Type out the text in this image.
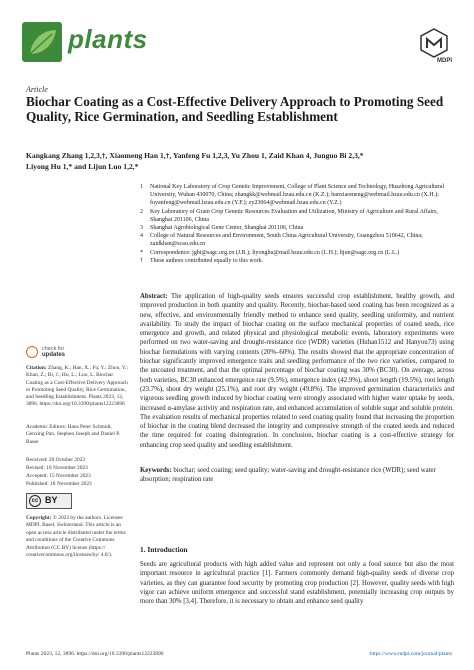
plants
MDPI
Article
Biochar Coating as a Cost-Effective Delivery Approach to Promoting Seed Quality, Rice Germination, and Seedling Establishment
Kangkang Zhang 1,2,3,†, Xiaomeng Han 1,†, Yanfeng Fu 1,2,3, Yu Zhou 1, Zaid Khan 4, Junguo Bi 2,3,*
Liyong Hu 1,* and Lijun Luo 1,2,*
1 National Key Laboratory of Crop Genetic Improvement, College of Plant Science and Technology, Huazhong Agricultural University, Wuhan 430070, China; zhangkk@webmail.hzau.edu.cn (K.Z.); hanxiaomeng@webmail.hzau.edu.cn (X.H.); fuyanfeng@webmail.hzau.edu.cn (Y.F.); zy23064@webmail.hzau.edu.cn (Y.Z.)
2 Key Laboratory of Grain Crop Genetic Resources Evaluation and Utilization, Ministry of Agriculture and Rural Affairs, Shanghai 201106, China
3 Shanghai Agrobiological Gene Center, Shanghai 201106, China
4 College of Natural Resources and Environment, South China Agricultural University, Guangzhou 510642, China; zaidkhan@scau.edu.cn
* Correspondence: jgbi@sagc.org.cn (J.B.); liyonghu@mail.hzau.edu.cn (L.H.); lijun@sagc.org.cn (L.L.)
† These authors contributed equally to this work.
check for
updates
Citation: Zhang, K.; Han, X.; Fu, Y.; Zhou, Y.; Khan, Z.; Bi, J.; Hu, L.; Luo, L. Biochar Coating as a Cost-Effective Delivery Approach to Promoting Seed Quality, Rice Germination, and Seedling Establishment. Plants 2023, 12, 3896. https://doi.org/10.3390/plants12223896
Academic Editors: Hans Peter Schmidt, Genxing Pan, Stephen Joseph and Daniel P. Rasse
Received: 20 October 2023
Revised: 10 November 2023
Accepted: 15 November 2023
Published: 18 November 2023
cc BY
Copyright: © 2023 by the authors. Licensee MDPI, Basel, Switzerland. This article is an open access article distributed under the terms and conditions of the Creative Commons Attribution (CC BY) license (https:// creativecommons.org/licenses/by/ 4.0/).
Abstract: The application of high-quality seeds ensures successful crop establishment, healthy growth, and improved production in both quantity and quality. Recently, biochar-based seed coating has been recognized as a new, effective, and environmentally friendly method to enhance seed quality, seedling uniformity, and nutrient availability. To study the impact of biochar coating on the surface mechanical properties of coated seeds, rice emergence and growth, and related physical and physiological metabolic events, laboratory experiments were performed on two water-saving and drought-resistance rice (WDR) varieties (Huhan1512 and Hanyou73) using biochar formulations with varying contents (20%–60%). The results showed that the appropriate concentration of biochar significantly improved emergence traits and seedling performance of the two rice varieties, compared to the uncoated treatment, and that the optimal percentage of biochar coating was 30% (BC30). On average, across both varieties, BC30 enhanced emergence rate (9.5%), emergence index (42.9%), shoot length (19.5%), root length (23.7%), shoot dry weight (25.1%), and root dry weight (49.8%). The improved germination characteristics and vigorous seedling growth induced by biochar coating were strongly associated with higher water uptake by seeds, increased α-amylase activity and respiration rate, and enhanced accumulation of soluble sugar and soluble protein. The evaluation results of mechanical properties related to seed coating quality found that increasing the proportion of biochar in the coating blend decreased the integrity and compressive strength of the coated seeds and reduced the time required for coating disintegration. In conclusion, biochar coating is a cost-effective strategy for enhancing crop seed quality and seedling establishment.
Keywords: biochar; seed coating; seed quality; water-saving and drought-resistance rice (WDR); seed water absorption; respiration rate
1. Introduction
Seeds are agricultural products with high added value and represent not only a food source but also the most important resource in agricultural practice [1]. Farmers commonly demand high-quality seeds of diverse crop varieties, as they can guarantee food security by promoting crop production [2]. However, quality seeds with high vigor can achieve uniform emergence and successful stand establishment, potentially increasing crop outputs by more than 30% [3,4]. Therefore, it is necessary to obtain and enhance seed quality
Plants 2023, 12, 3896. https://doi.org/10.3390/plants12223896	https://www.mdpi.com/journal/plants
